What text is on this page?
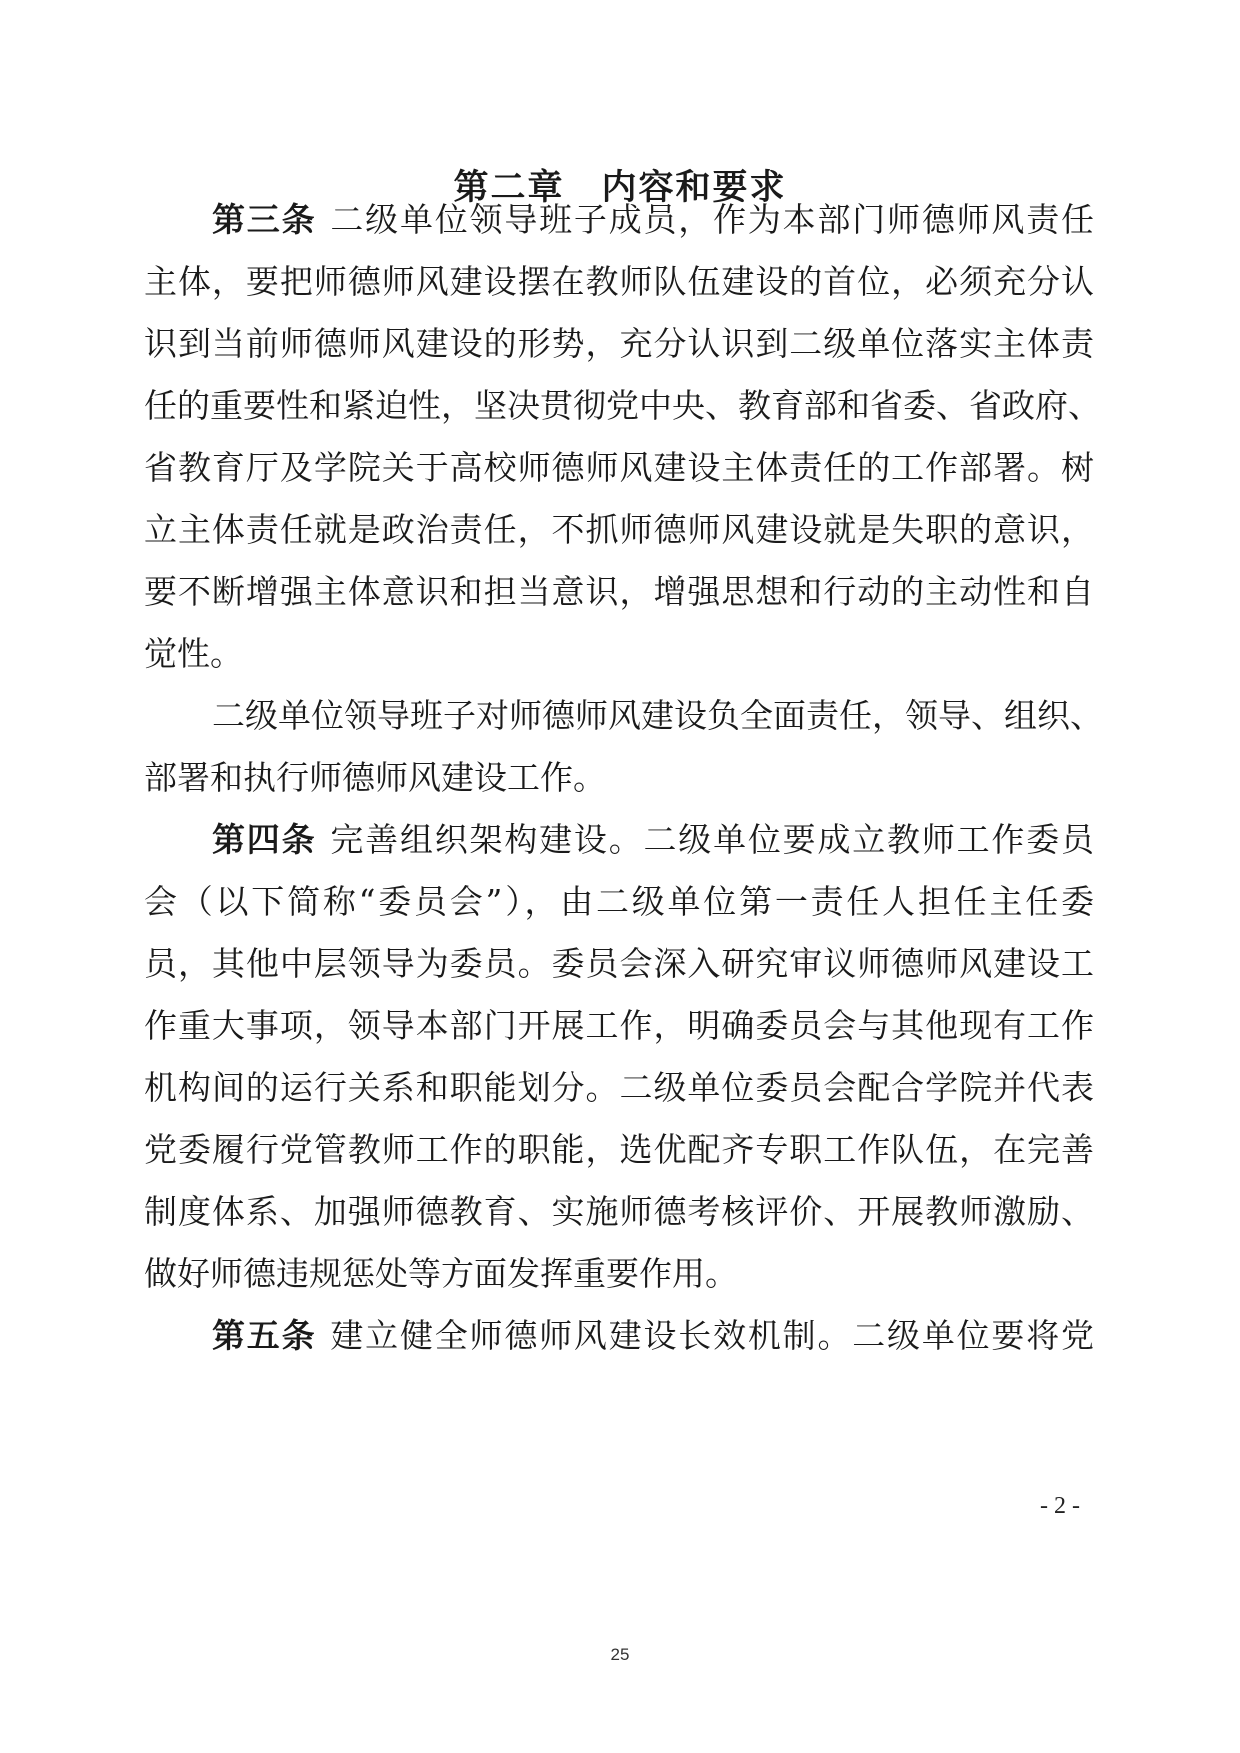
第二章　内容和要求
第三条 二级单位领导班子成员，作为本部门师德师风责任
主体，要把师德师风建设摆在教师队伍建设的首位，必须充分认
识到当前师德师风建设的形势，充分认识到二级单位落实主体责
任的重要性和紧迫性，坚决贯彻党中央、教育部和省委、省政府、
省教育厅及学院关于高校师德师风建设主体责任的工作部署。树
立主体责任就是政治责任，不抓师德师风建设就是失职的意识，
要不断增强主体意识和担当意识，增强思想和行动的主动性和自
觉性。
二级单位领导班子对师德师风建设负全面责任，领导、组织、
部署和执行师德师风建设工作。
第四条 完善组织架构建设。二级单位要成立教师工作委员
会（以下简称“委员会”），由二级单位第一责任人担任主任委
员，其他中层领导为委员。委员会深入研究审议师德师风建设工
作重大事项，领导本部门开展工作，明确委员会与其他现有工作
机构间的运行关系和职能划分。二级单位委员会配合学院并代表
党委履行党管教师工作的职能，选优配齐专职工作队伍，在完善
制度体系、加强师德教育、实施师德考核评价、开展教师激励、
做好师德违规惩处等方面发挥重要作用。
第五条 建立健全师德师风建设长效机制。二级单位要将党
- 2 -
25
